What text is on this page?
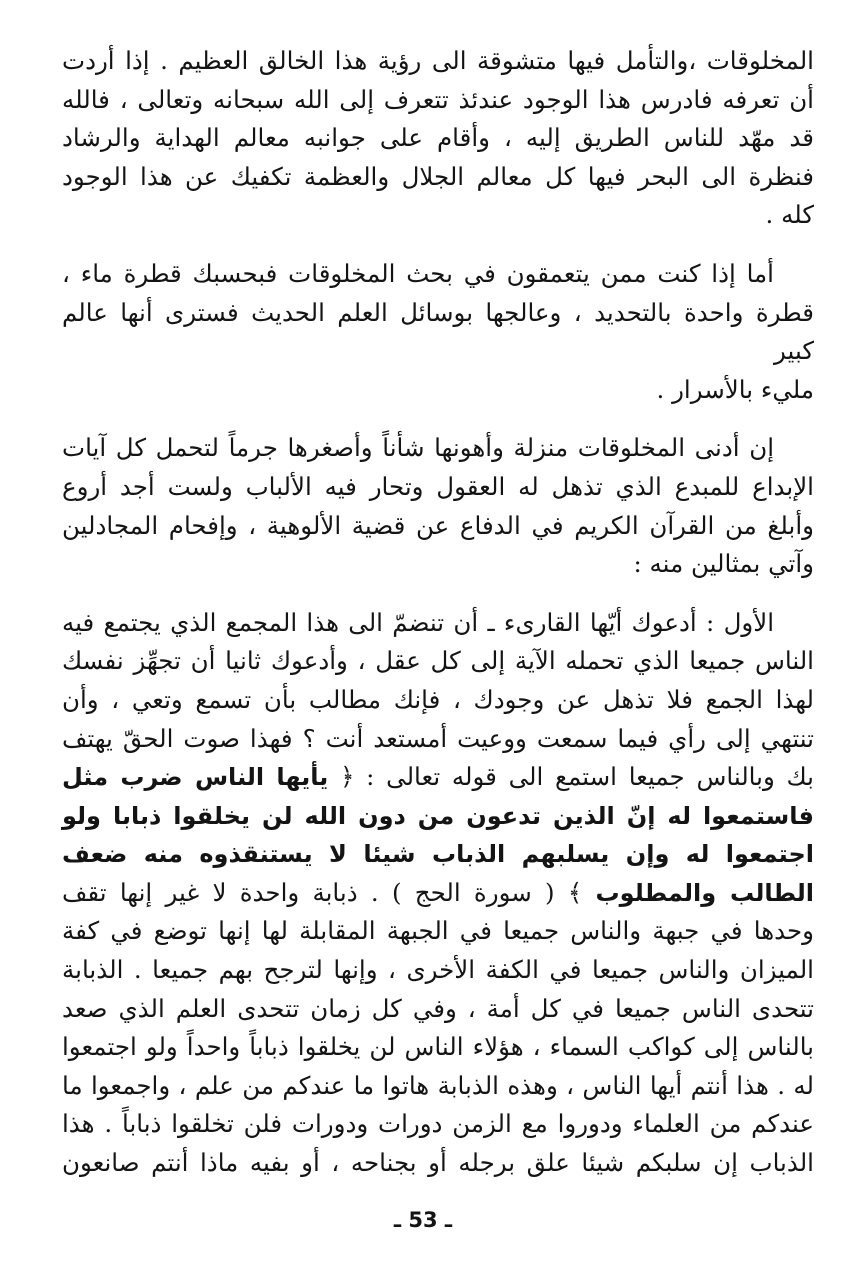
المخلوقات ،والتأمل فيها متشوقة الى رؤية هذا الخالق العظيم . إذا أردت
أن تعرفه فادرس هذا الوجود عندئذ تتعرف إلى الله سبحانه وتعالى ، فالله
قد مهّد للناس الطريق إليه ، وأقام على جوانبه معالم الهداية والرشاد
فنظرة الى البحر فيها كل معالم الجلال والعظمة تكفيك عن هذا الوجود
كله .

أما إذا كنت ممن يتعمقون في بحث المخلوقات فبحسبك قطرة ماء ،
قطرة واحدة بالتحديد ، وعالجها بوسائل العلم الحديث فسترى أنها عالم كبير
مليء بالأسرار .

إن أدنى المخلوقات منزلة وأهونها شأناً وأصغرها جرماً لتحمل كل آيات
الإبداع للمبدع الذي تذهل له العقول وتحار فيه الألباب ولست أجد أروع
وأبلغ من القرآن الكريم في الدفاع عن قضية الألوهية ، وإفحام المجادلين
وآتي بمثالين منه :

الأول : أدعوك أيّها القارىء ـ أن تنضمّ الى هذا المجمع الذي يجتمع فيه
الناس جميعا الذي تحمله الآية إلى كل عقل ، وأدعوك ثانيا أن تجهِّز نفسك
لهذا الجمع فلا تذهل عن وجودك ، فإنك مطالب بأن تسمع وتعي ، وأن
تنتهي إلى رأي فيما سمعت ووعيت أمستعد أنت ؟ فهذا صوت الحقّ يهتف
بك وبالناس جميعا استمع الى قوله تعالى : ﴿ يأيها الناس ضرب مثل
فاستمعوا له إنّ الذين تدعون من دون الله لن يخلقوا ذبابا ولو
اجتمعوا له وإن يسلبهم الذباب شيئا لا يستنقذوه منه ضعف
الطالب والمطلوب ﴾ ( سورة الحج ) . ذبابة واحدة لا غير إنها تقف
وحدها في جبهة والناس جميعا في الجبهة المقابلة لها إنها توضع في كفة
الميزان والناس جميعا في الكفة الأخرى ، وإنها لترجح بهم جميعا . الذبابة
تتحدى الناس جميعا في كل أمة ، وفي كل زمان تتحدى العلم الذي صعد
بالناس إلى كواكب السماء ، هؤلاء الناس لن يخلقوا ذباباً واحداً ولو اجتمعوا
له . هذا أنتم أيها الناس ، وهذه الذبابة هاتوا ما عندكم من علم ، واجمعوا ما
عندكم من العلماء ودوروا مع الزمن دورات ودورات فلن تخلقوا ذباباً . هذا
الذباب إن سلبكم شيئا علق برجله أو بجناحه ، أو بفيه ماذا أنتم صانعون

ـ 53 ـ
